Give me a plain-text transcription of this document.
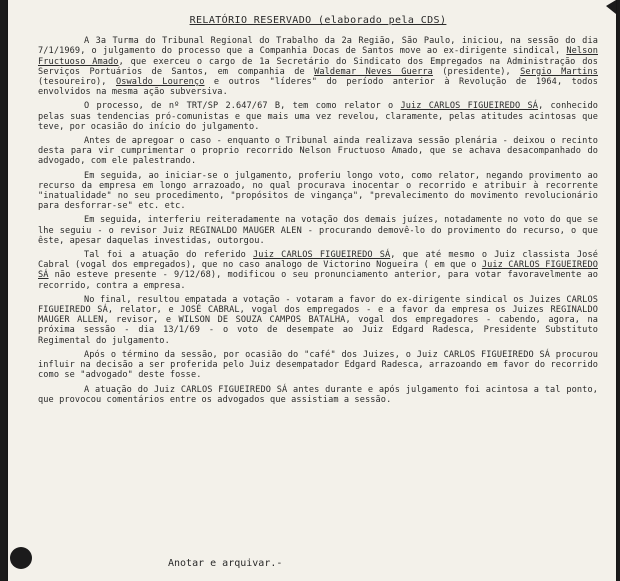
RELATÓRIO RESERVADO (elaborado pela CDS)

A 3a Turma do Tribunal Regional do Trabalho da 2a Região, São Paulo, iniciou, na sessão do dia 7/1/1969, o julgamento do processo que a Companhia Docas de Santos move ao ex-dirigente sindical, Nelson Fructuoso Amado, que exerceu o cargo de 1a Secretário do Sindicato dos Empregados na Administração dos Serviços Portuários de Santos, em companhia de Waldemar Neves Guerra (presidente), Sergio Martins (tesoureiro), Oswaldo Lourenço e outros "líderes" do período anterior à Revolução de 1964, todos envolvidos na mesma ação subversiva.

O processo, de nº TRT/SP 2.647/67 B, tem como relator o Juiz CARLOS FIGUEIREDO SÁ, conhecido pelas suas tendencias pró-comunistas e que mais uma vez revelou, claramente, pelas atitudes acintosas que teve, por ocasião do início do julgamento.

Antes de apregoar o caso - enquanto o Tribunal ainda realizava sessão plenária - deixou o recinto desta para vir cumprimentar o proprio recorrido Nelson Fructuoso Amado, que se achava desacompanhado do advogado, com ele palestrando.

Em seguida, ao iniciar-se o julgamento, proferiu longo voto, como relator, negando provimento ao recurso da empresa em longo arrazoado, no qual procurava inocentar o recorrido e atribuir à recorrente "inatualidade" no seu procedimento, "propósitos de vingança", "prevalecimento do movimento revolucionário para desforrar-se" etc. etc.

Em seguida, interferiu reiteradamente na votação dos demais juízes, notadamente no voto do que se lhe seguiu - o revisor Juiz REGINALDO MAUGER ALEN - procurando demovê-lo do provimento do recurso, o que êste, apesar daquelas investidas, outorgou.

Tal foi a atuação do referido Juiz CARLOS FIGUEIREDO SÁ, que até mesmo o Juiz classista José Cabral (vogal dos empregados), que no caso analogo de Victorino Nogueira ( em que o Juiz CARLOS FIGUEIREDO SÁ não esteve presente - 9/12/68), modificou o seu pronunciamento anterior, para votar favoravelmente ao recorrido, contra a empresa.

No final, resultou empatada a votação - votaram a favor do ex-dirigente sindical os Juizes CARLOS FIGUEIREDO SÁ, relator, e JOSÉ CABRAL, vogal dos empregados - e a favor da empresa os Juizes REGINALDO MAUGER ALLEN, revisor, e WILSON DE SOUZA CAMPOS BATALHA, vogal dos empregadores - cabendo, agora, na próxima sessão - dia 13/1/69 - o voto de desempate ao Juiz Edgard Radesca, Presidente Substituto Regimental do julgamento.

Após o término da sessão, por ocasião do "café" dos Juizes, o Juiz CARLOS FIGUEIREDO SÁ procurou influir na decisão a ser proferida pelo Juiz desempatador Edgard Radesca, arrazoando em favor do recorrido como se "advogado" deste fosse.

A atuação do Juiz CARLOS FIGUEIREDO SÁ antes durante e após julgamento foi acintosa a tal ponto, que provocou comentários entre os advogados que assistiam a sessão.

Anotar e arquivar.-
